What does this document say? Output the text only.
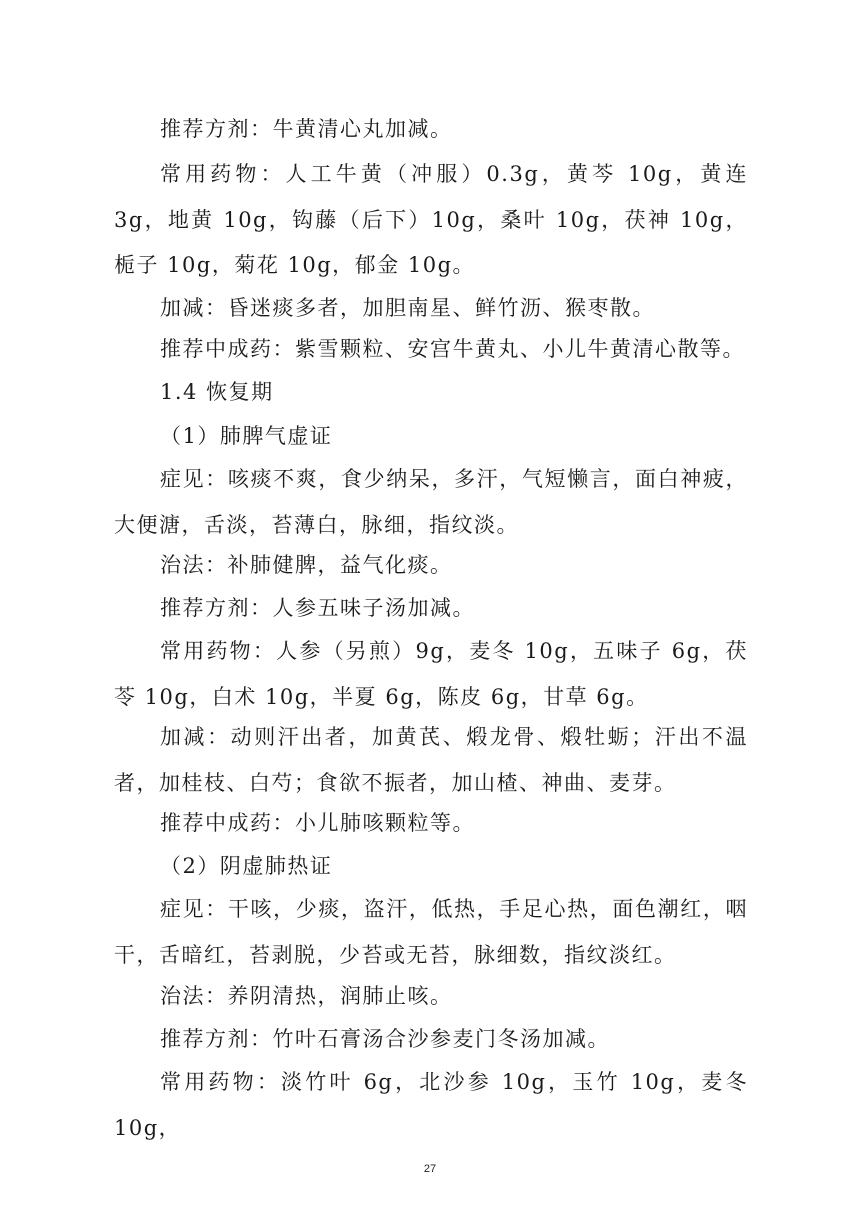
推荐方剂：牛黄清心丸加减。

常用药物：人工牛黄（冲服）0.3g，黄芩 10g，黄连 3g，地黄 10g，钩藤（后下）10g，桑叶 10g，茯神 10g，栀子 10g，菊花 10g，郁金 10g。

加减：昏迷痰多者，加胆南星、鲜竹沥、猴枣散。

推荐中成药：紫雪颗粒、安宫牛黄丸、小儿牛黄清心散等。

1.4 恢复期

（1）肺脾气虚证

症见：咳痰不爽，食少纳呆，多汗，气短懒言，面白神疲，大便溏，舌淡，苔薄白，脉细，指纹淡。

治法：补肺健脾，益气化痰。

推荐方剂：人参五味子汤加减。

常用药物：人参（另煎）9g，麦冬 10g，五味子 6g，茯苓 10g，白术 10g，半夏 6g，陈皮 6g，甘草 6g。

加减：动则汗出者，加黄芪、煅龙骨、煅牡蛎；汗出不温者，加桂枝、白芍；食欲不振者，加山楂、神曲、麦芽。

推荐中成药：小儿肺咳颗粒等。

（2）阴虚肺热证

症见：干咳，少痰，盗汗，低热，手足心热，面色潮红，咽干，舌暗红，苔剥脱，少苔或无苔，脉细数，指纹淡红。

治法：养阴清热，润肺止咳。

推荐方剂：竹叶石膏汤合沙参麦门冬汤加减。

常用药物：淡竹叶 6g，北沙参 10g，玉竹 10g，麦冬 10g，

27
